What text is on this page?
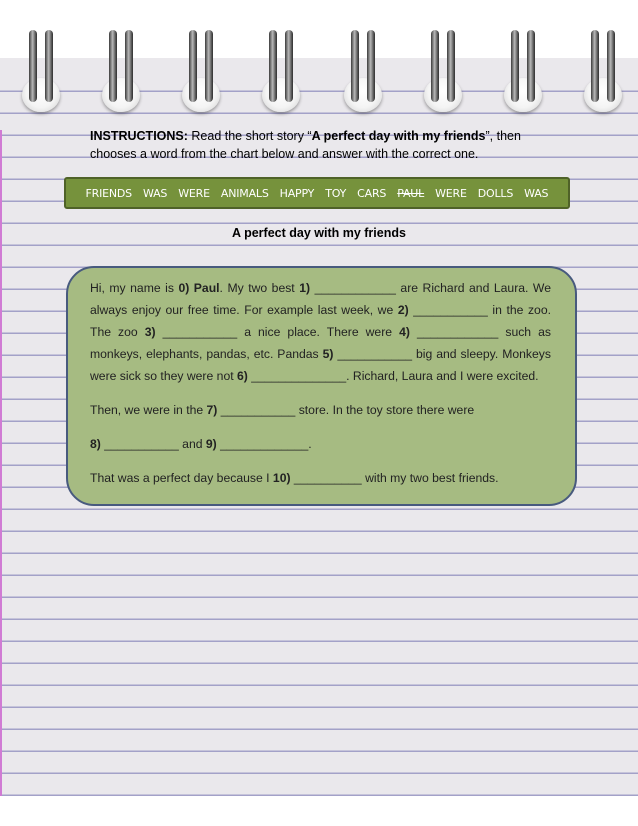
INSTRUCTIONS: Read the short story “A perfect day with my friends”, then chooses a word from the chart below and answer with the correct one.
FRIENDS WAS WERE ANIMALS HAPPY TOY CARS PAUL WERE DOLLS WAS
A perfect day with my friends

Hi, my name is 0) Paul. My two best 1) ____________ are Richard and Laura. We always enjoy our free time. For example last week, we 2) ___________ in the zoo. The zoo 3) ___________ a nice place. There were 4) ____________ such as monkeys, elephants, pandas, etc. Pandas 5) ___________ big and sleepy. Monkeys were sick so they were not 6) ______________. Richard, Laura and I were excited.

Then, we were in the 7) ___________ store. In the toy store there were

8) ___________ and 9) _____________.

That was a perfect day because I 10) __________ with my two best friends.
